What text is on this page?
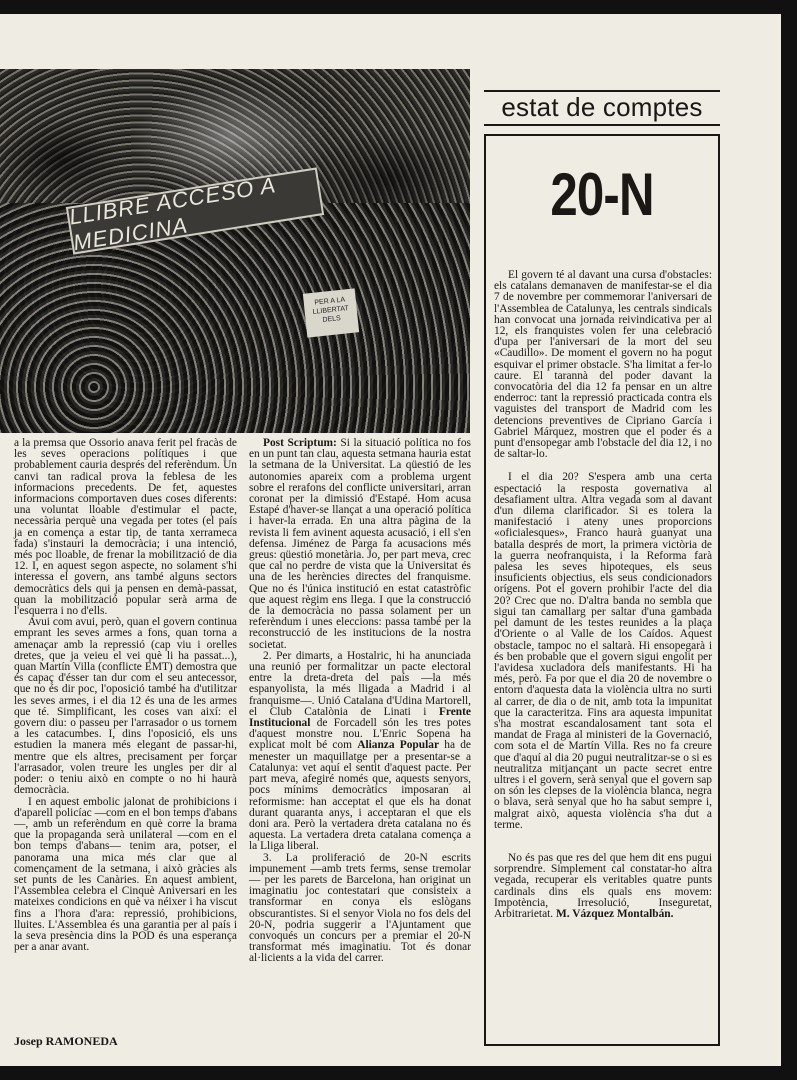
LLIBRE ACCESO A MEDICINA
PER A LA LLIBERTAT DELS

a la premsa que Ossorio anava ferit pel fracàs de les seves operacions polítiques i que probablement cauria després del referèndum. Un canvi tan radical prova la feblesa de les informacions precedents. De fet, aquestes informacions comportaven dues coses diferents: una voluntat lloable d'estimular el pacte, necessària perquè una vegada per totes (el país ja en comença a estar tip, de tanta xerrameca fada) s'instauri la democràcia; i una intenció, més poc lloable, de frenar la mobilització de dia 12. I, en aquest segon aspecte, no solament s'hi interessa el govern, ans també alguns sectors democràtics dels qui ja pensen en demà-passat, quan la mobilització popular serà arma de l'esquerra i no d'ells.

Avui com avui, però, quan el govern continua emprant les seves armes a fons, quan torna a amenaçar amb la repressió (cap viu i orelles dretes, que ja veieu el vei què li ha passat...), quan Martín Villa (conflicte EMT) demostra que és capaç d'ésser tan dur com el seu antecessor, que no és dir poc, l'oposició també ha d'utilitzar les seves armes, i el dia 12 és una de les armes que té. Simplificant, les coses van així: el govern diu: o passeu per l'arrasador o us tornem a les catacumbes. I, dins l'oposició, els uns estudien la manera més elegant de passar-hi, mentre que els altres, precisament per forçar l'arrasador, volen treure les ungles per dir al poder: o teniu això en compte o no hi haurà democràcia.

I en aquest embolic jalonat de prohibicions i d'aparell policíac —com en el bon temps d'abans—, amb un referèndum en què corre la brama que la propaganda serà unilateral —com en el bon temps d'abans— tenim ara, potser, el panorama una mica més clar que al començament de la setmana, i això gràcies als set punts de les Canàries. En aquest ambient, l'Assemblea celebra el Cinquè Aniversari en les mateixes condicions en què va néixer i ha viscut fins a l'hora d'ara: repressió, prohibicions, lluites. L'Assemblea és una garantia per al país i la seva presència dins la POD és una esperança per a anar avant.

Josep RAMONEDA

Post Scriptum: Si la situació política no fos en un punt tan clau, aquesta setmana hauria estat la setmana de la Universitat. La qüestió de les autonomies apareix com a problema urgent sobre el rerafons del conflicte universitari, arran coronat per la dimissió d'Estapé. Hom acusa Estapé d'haver-se llançat a una operació política i haver-la errada. En una altra pàgina de la revista li fem avinent aquesta acusació, i ell s'en defensa. Jiménez de Parga fa acusacions més greus: qüestió monetària. Jo, per part meva, crec que cal no perdre de vista que la Universitat és una de les herències directes del franquisme. Que no és l'única institució en estat catastròfic que aquest règim ens llega. I que la construcció de la democràcia no passa solament per un referèndum i unes eleccions: passa també per la reconstrucció de les institucions de la nostra societat.

2. Per dimarts, a Hostalric, hi ha anunciada una reunió per formalitzar un pacte electoral entre la dreta-dreta del país —la més espanyolista, la més lligada a Madrid i al franquisme—. Unió Catalana d'Udina Martorell, el Club Catalònia de Linati i Frente Institucional de Forcadell són les tres potes d'aquest monstre nou. L'Enric Sopena ha explicat molt bé com Alianza Popular ha de menester un maquillatge per a presentar-se a Catalunya: vet aquí el sentit d'aquest pacte. Per part meva, afegiré només que, aquests senyors, pocs mínims democràtics imposaran al reformisme: han acceptat el que els ha donat durant quaranta anys, i acceptaran el que els doni ara. Però la vertadera dreta catalana no és aquesta. La vertadera dreta catalana comença a la Lliga liberal.

3. La proliferació de 20-N escrits impunement —amb trets ferms, sense tremolar— per les parets de Barcelona, han originat un imaginatiu joc contestatari que consisteix a transformar en conya els eslògans obscurantistes. Si el senyor Viola no fos dels del 20-N, podria suggerir a l'Ajuntament que convoqués un concurs per a premiar el 20-N transformat més imaginatiu. Tot és donar al·licients a la vida del carrer.

estat de comptes
20-N

El govern té al davant una cursa d'obstacles: els catalans demanaven de manifestar-se el dia 7 de novembre per commemorar l'aniversari de l'Assemblea de Catalunya, les centrals sindicals han convocat una jornada reivindicativa per al 12, els franquistes volen fer una celebració d'upa per l'aniversari de la mort del seu «Caudillo». De moment el govern no ha pogut esquivar el primer obstacle. S'ha limitat a fer-lo caure. El tarannà del poder davant la convocatòria del dia 12 fa pensar en un altre enderroc: tant la repressió practicada contra els vaguistes del transport de Madrid com les detencions preventives de Cipriano García i Gabriel Márquez, mostren que el poder és a punt d'ensopegar amb l'obstacle del dia 12, i no de saltar-lo.

I el dia 20? S'espera amb una certa espectació la resposta governativa al desafiament ultra. Altra vegada som al davant d'un dilema clarificador. Si es tolera la manifestació i ateny unes proporcions «oficialesques», Franco haurà guanyat una batalla després de mort, la primera victòria de la guerra neofranquista, i la Reforma farà palesa les seves hipoteques, els seus insuficients objectius, els seus condicionadors orígens. Pot el govern prohibir l'acte del dia 20? Crec que no. D'altra banda no sembla que sigui tan camallarg per saltar d'una gambada pel damunt de les testes reunides a la plaça d'Oriente o al Valle de los Caídos. Aquest obstacle, tampoc no el saltarà. Hi ensopegarà i és ben probable que el govern sigui engolit per l'avidesa xucladora dels manifestants. Hi ha més, però. Fa por que el dia 20 de novembre o entorn d'aquesta data la violència ultra no surti al carrer, de dia o de nit, amb tota la impunitat que la caracteritza. Fins ara aquesta impunitat s'ha mostrat escandalosament tant sota el mandat de Fraga al ministeri de la Governació, com sota el de Martín Villa. Res no fa creure que d'aquí al dia 20 pugui neutralitzar-se o si es neutralitza mitjançant un pacte secret entre ultres i el govern, serà senyal que el govern sap on són les clepses de la violència blanca, negra o blava, serà senyal que ho ha sabut sempre i, malgrat això, aquesta violència s'ha dut a terme.

No és pas que res del que hem dit ens pugui sorprendre. Simplement cal constatar-ho altra vegada, recuperar els veritables quatre punts cardinals dins els quals ens movem: Impotència, Irresolució, Inseguretat, Arbitrarietat. M. Vázquez Montalbán.
